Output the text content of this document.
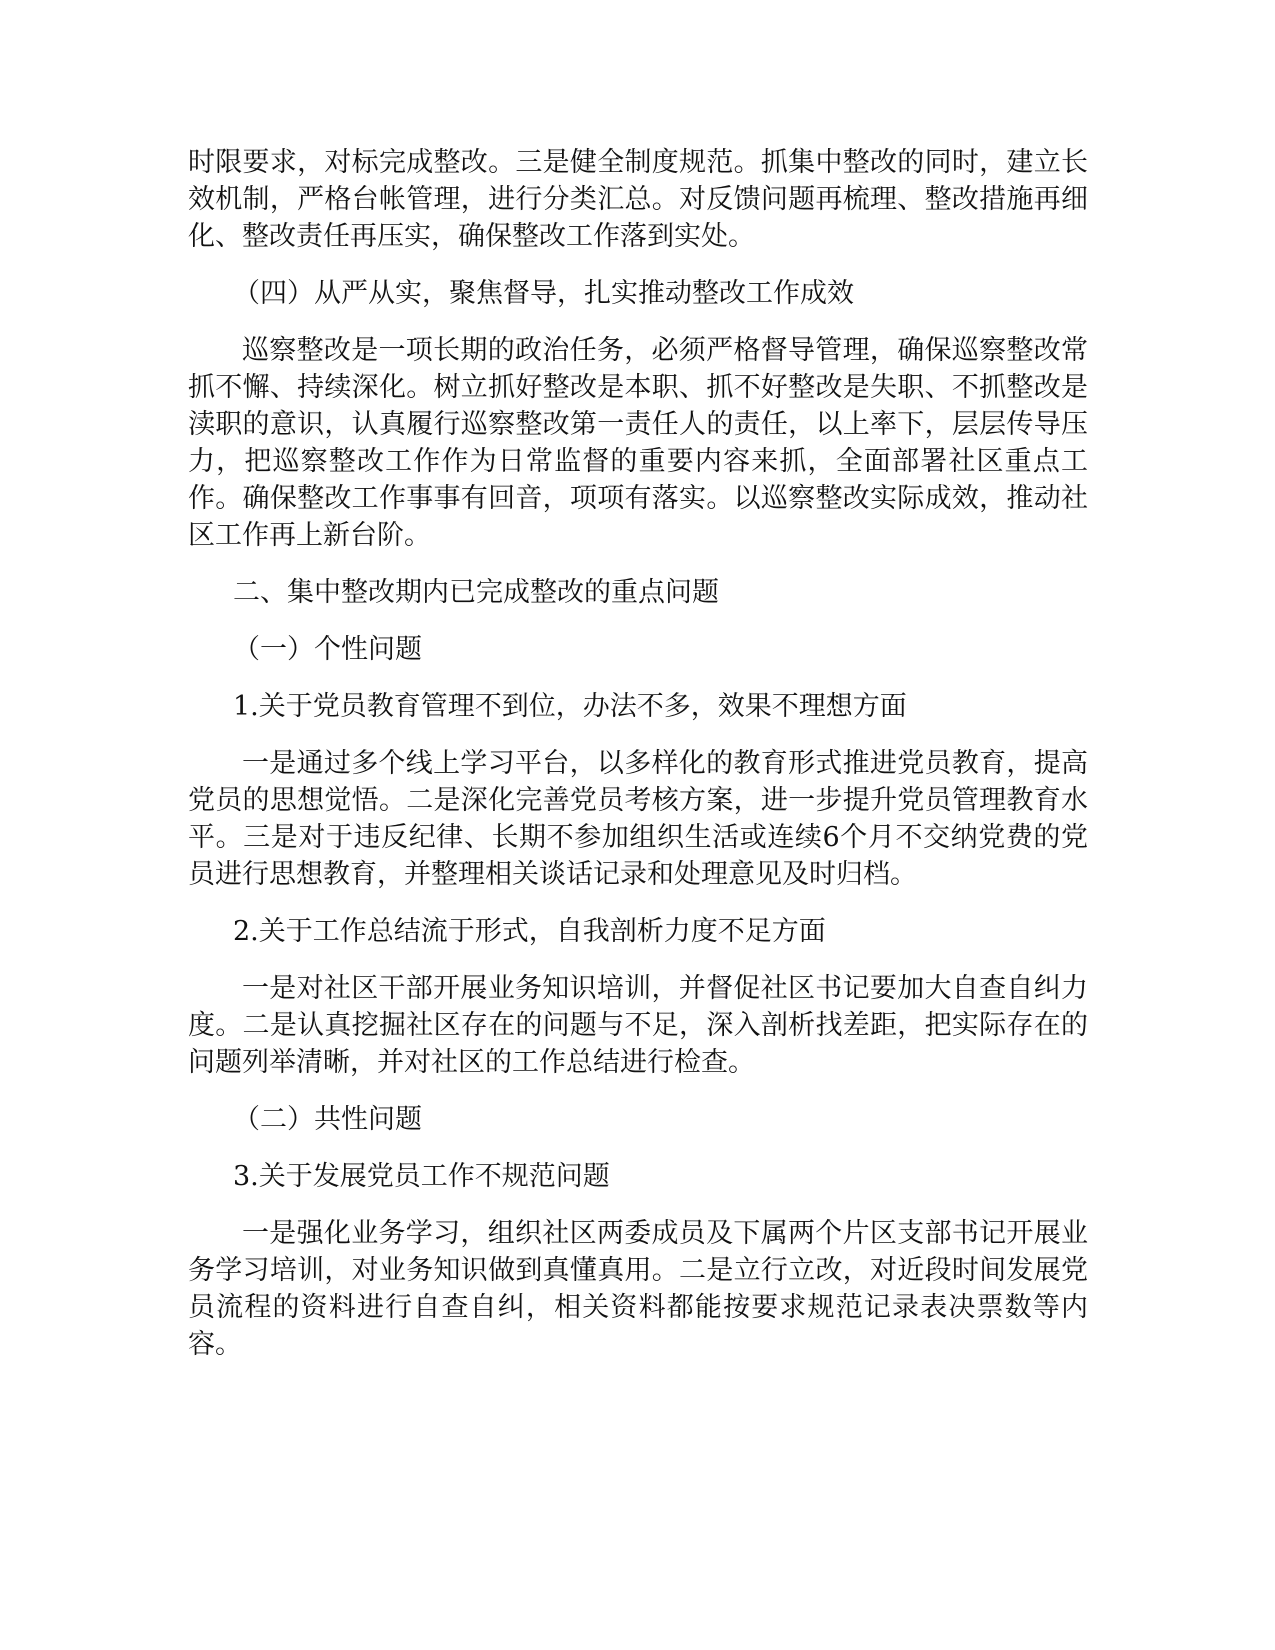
时限要求，对标完成整改。三是健全制度规范。抓集中整改的同时，建立长效机制，严格台帐管理，进行分类汇总。对反馈问题再梳理、整改措施再细化、整改责任再压实，确保整改工作落到实处。

（四）从严从实，聚焦督导，扎实推动整改工作成效

巡察整改是一项长期的政治任务，必须严格督导管理，确保巡察整改常抓不懈、持续深化。树立抓好整改是本职、抓不好整改是失职、不抓整改是渎职的意识，认真履行巡察整改第一责任人的责任，以上率下，层层传导压力，把巡察整改工作作为日常监督的重要内容来抓，全面部署社区重点工作。确保整改工作事事有回音，项项有落实。以巡察整改实际成效，推动社区工作再上新台阶。

二、集中整改期内已完成整改的重点问题

（一）个性问题

1.关于党员教育管理不到位，办法不多，效果不理想方面

一是通过多个线上学习平台，以多样化的教育形式推进党员教育，提高党员的思想觉悟。二是深化完善党员考核方案，进一步提升党员管理教育水平。三是对于违反纪律、长期不参加组织生活或连续6个月不交纳党费的党员进行思想教育，并整理相关谈话记录和处理意见及时归档。

2.关于工作总结流于形式，自我剖析力度不足方面

一是对社区干部开展业务知识培训，并督促社区书记要加大自查自纠力度。二是认真挖掘社区存在的问题与不足，深入剖析找差距，把实际存在的问题列举清晰，并对社区的工作总结进行检查。

（二）共性问题

3.关于发展党员工作不规范问题

一是强化业务学习，组织社区两委成员及下属两个片区支部书记开展业务学习培训，对业务知识做到真懂真用。二是立行立改，对近段时间发展党员流程的资料进行自查自纠，相关资料都能按要求规范记录表决票数等内容。
